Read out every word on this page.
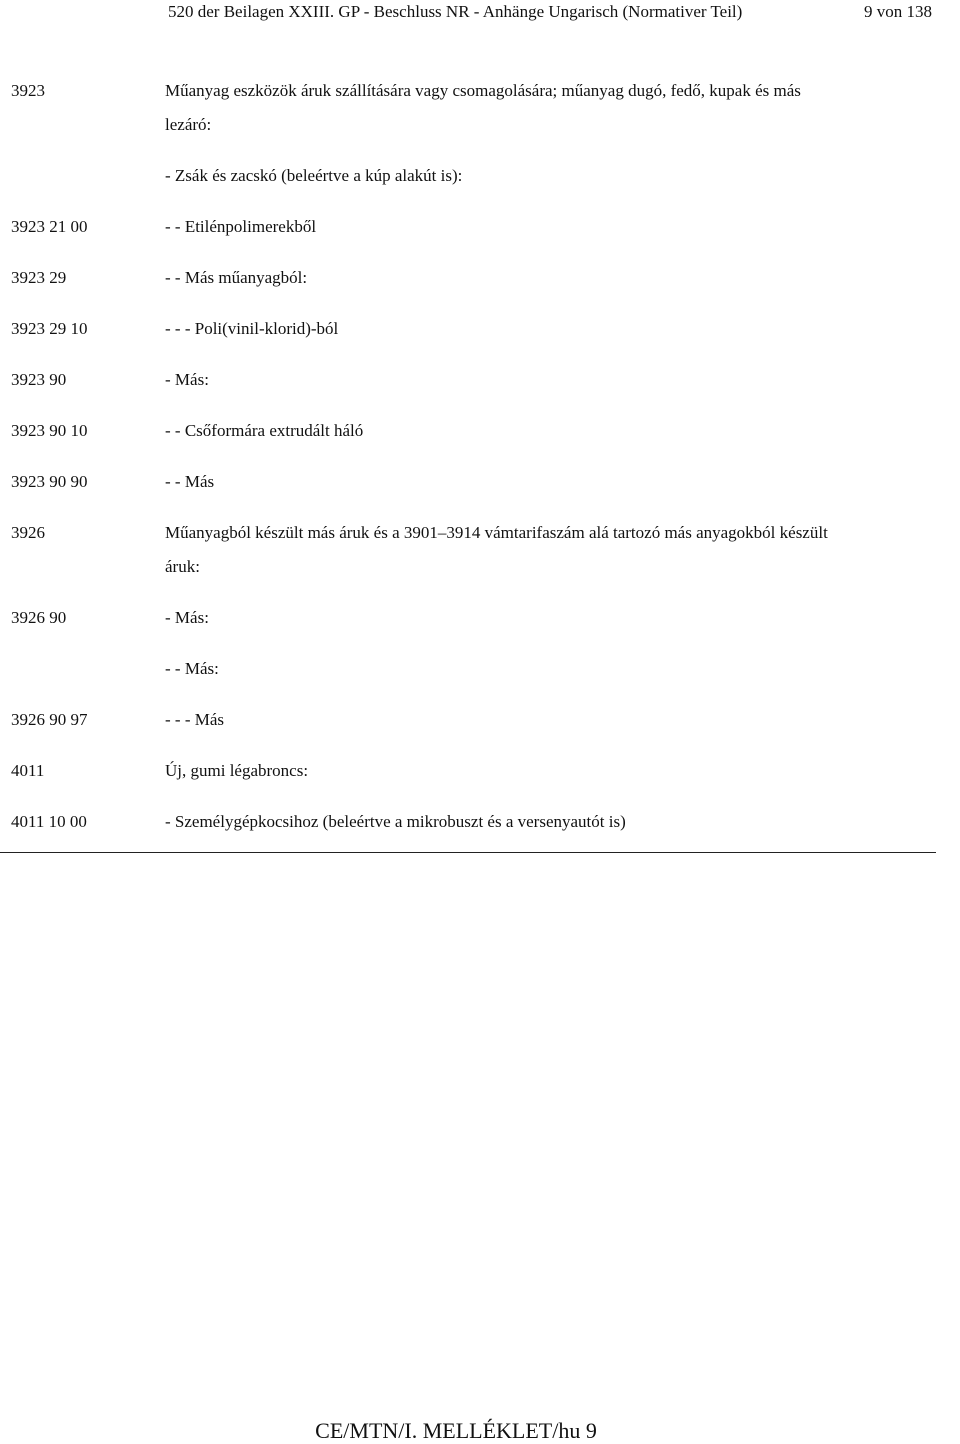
520 der Beilagen XXIII. GP - Beschluss NR - Anhänge Ungarisch (Normativer Teil)	9 von 138
3923	Műanyag eszközök áruk szállítására vagy csomagolására; műanyag dugó, fedő, kupak és más
lezáró:

	- Zsák és zacskó (beleértve a kúp alakút is):

3923 21 00	- - Etilénpolimerekből

3923 29	- - Más műanyagból:

3923 29 10	- - - Poli(vinil-klorid)-ból

3923 90	- Más:

3923 90 10	- - Csőformára extrudált háló

3923 90 90	- - Más

3926	Műanyagból készült más áruk és a 3901–3914 vámtarifaszám alá tartozó más anyagokból készült
áruk:

3926 90	- Más:

	- - Más:

3926 90 97	- - - Más

4011	Új, gumi légabroncs:

4011 10 00	- Személygépkocsihoz (beleértve a mikrobuszt és a versenyautót is)
CE/MTN/I. MELLÉKLET/hu 9
